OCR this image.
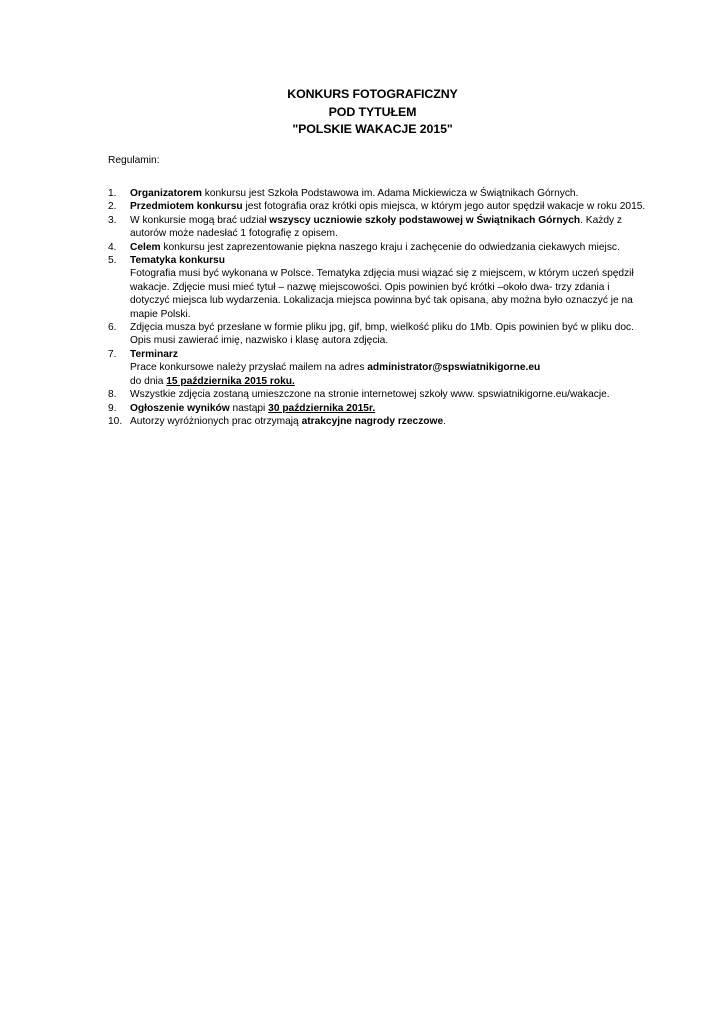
KONKURS FOTOGRAFICZNY
POD TYTUŁEM
"POLSKIE WAKACJE 2015"
Regulamin:
1.	Organizatorem konkursu jest Szkoła Podstawowa im. Adama Mickiewicza w Świątnikach Górnych.
2.	Przedmiotem konkursu jest fotografia oraz krótki opis miejsca, w którym jego autor spędził wakacje w roku 2015.
3.	W konkursie mogą brać udział wszyscy uczniowie szkoły podstawowej w Świątnikach Górnych. Każdy z autorów może nadesłać 1 fotografię z opisem.
4.	Celem konkursu jest zaprezentowanie piękna naszego kraju i zachęcenie do odwiedzania ciekawych miejsc.
5.	Tematyka konkursu
Fotografia musi być wykonana w Polsce. Tematyka zdjęcia musi wiązać się z miejscem, w którym uczeń spędził wakacje. Zdjęcie musi mieć tytuł – nazwę miejscowości. Opis powinien być krótki –około dwa- trzy zdania i dotyczyć miejsca lub wydarzenia. Lokalizacja miejsca powinna być tak opisana, aby można było oznaczyć je na mapie Polski.
6.	Zdjęcia musza być przesłane w formie pliku jpg, gif, bmp, wielkość pliku do 1Mb. Opis powinien być w pliku doc. Opis musi zawierać imię, nazwisko i klasę autora zdjęcia.
7.	Terminarz
Prace konkursowe należy przysłać mailem na adres administrator@spswiatnikigorne.eu
do dnia 15 października 2015 roku.
8.	Wszystkie zdjęcia zostaną umieszczone na stronie internetowej szkoły www. spswiatnikigorne.eu/wakacje.
9.	Ogłoszenie wyników nastąpi 30 października 2015r.
10. Autorzy wyróżnionych prac otrzymają atrakcyjne nagrody rzeczowe.
